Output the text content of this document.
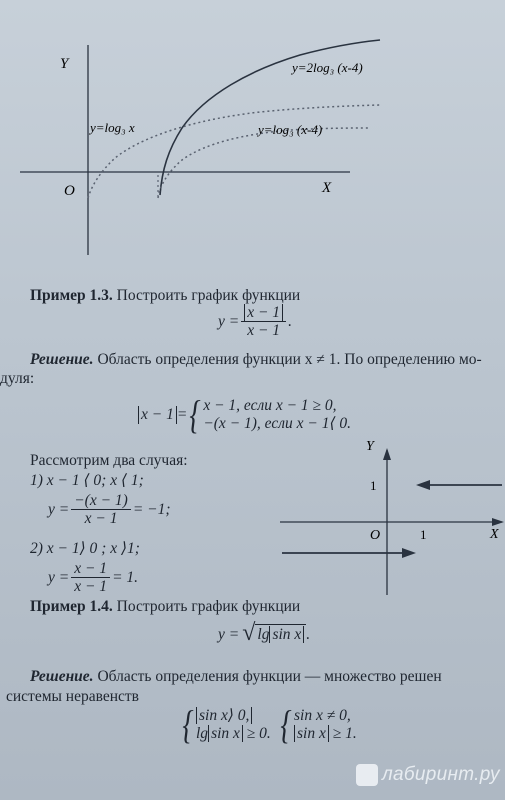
Y
X
O
y=2log₃ (x-4)
y=log₃ x	y=log₃ (x-4)
Пример 1.3. Построить график функции
$y = \frac{x - 1}{x - 1}$ .
Решение. Область определения функции x ≠ 1. По определению мо-
дуля:
x − 1 = { x − 1, если x − 1 ≥ 0,
−(x − 1), если x − 1⟨ 0.
Рассмотрим два случая:
1) x − 1 ⟨ 0; x ⟨ 1;
$y = \frac{-(x - 1)}{x - 1} = -1$;
2) x − 1⟩ 0 ; x ⟩1;
$y = \frac{x - 1}{x - 1} = 1$.
Y
X
O	1
1
Пример 1.4. Построить график функции
y = √ lg sin x .
Решение. Область определения функции — множество решен
системы неравенств
{ sin x⟩ 0,
lg sin x ≥ 0. { sin x ≠ 0,
sin x ≥ 1.
лабиринт.ру
